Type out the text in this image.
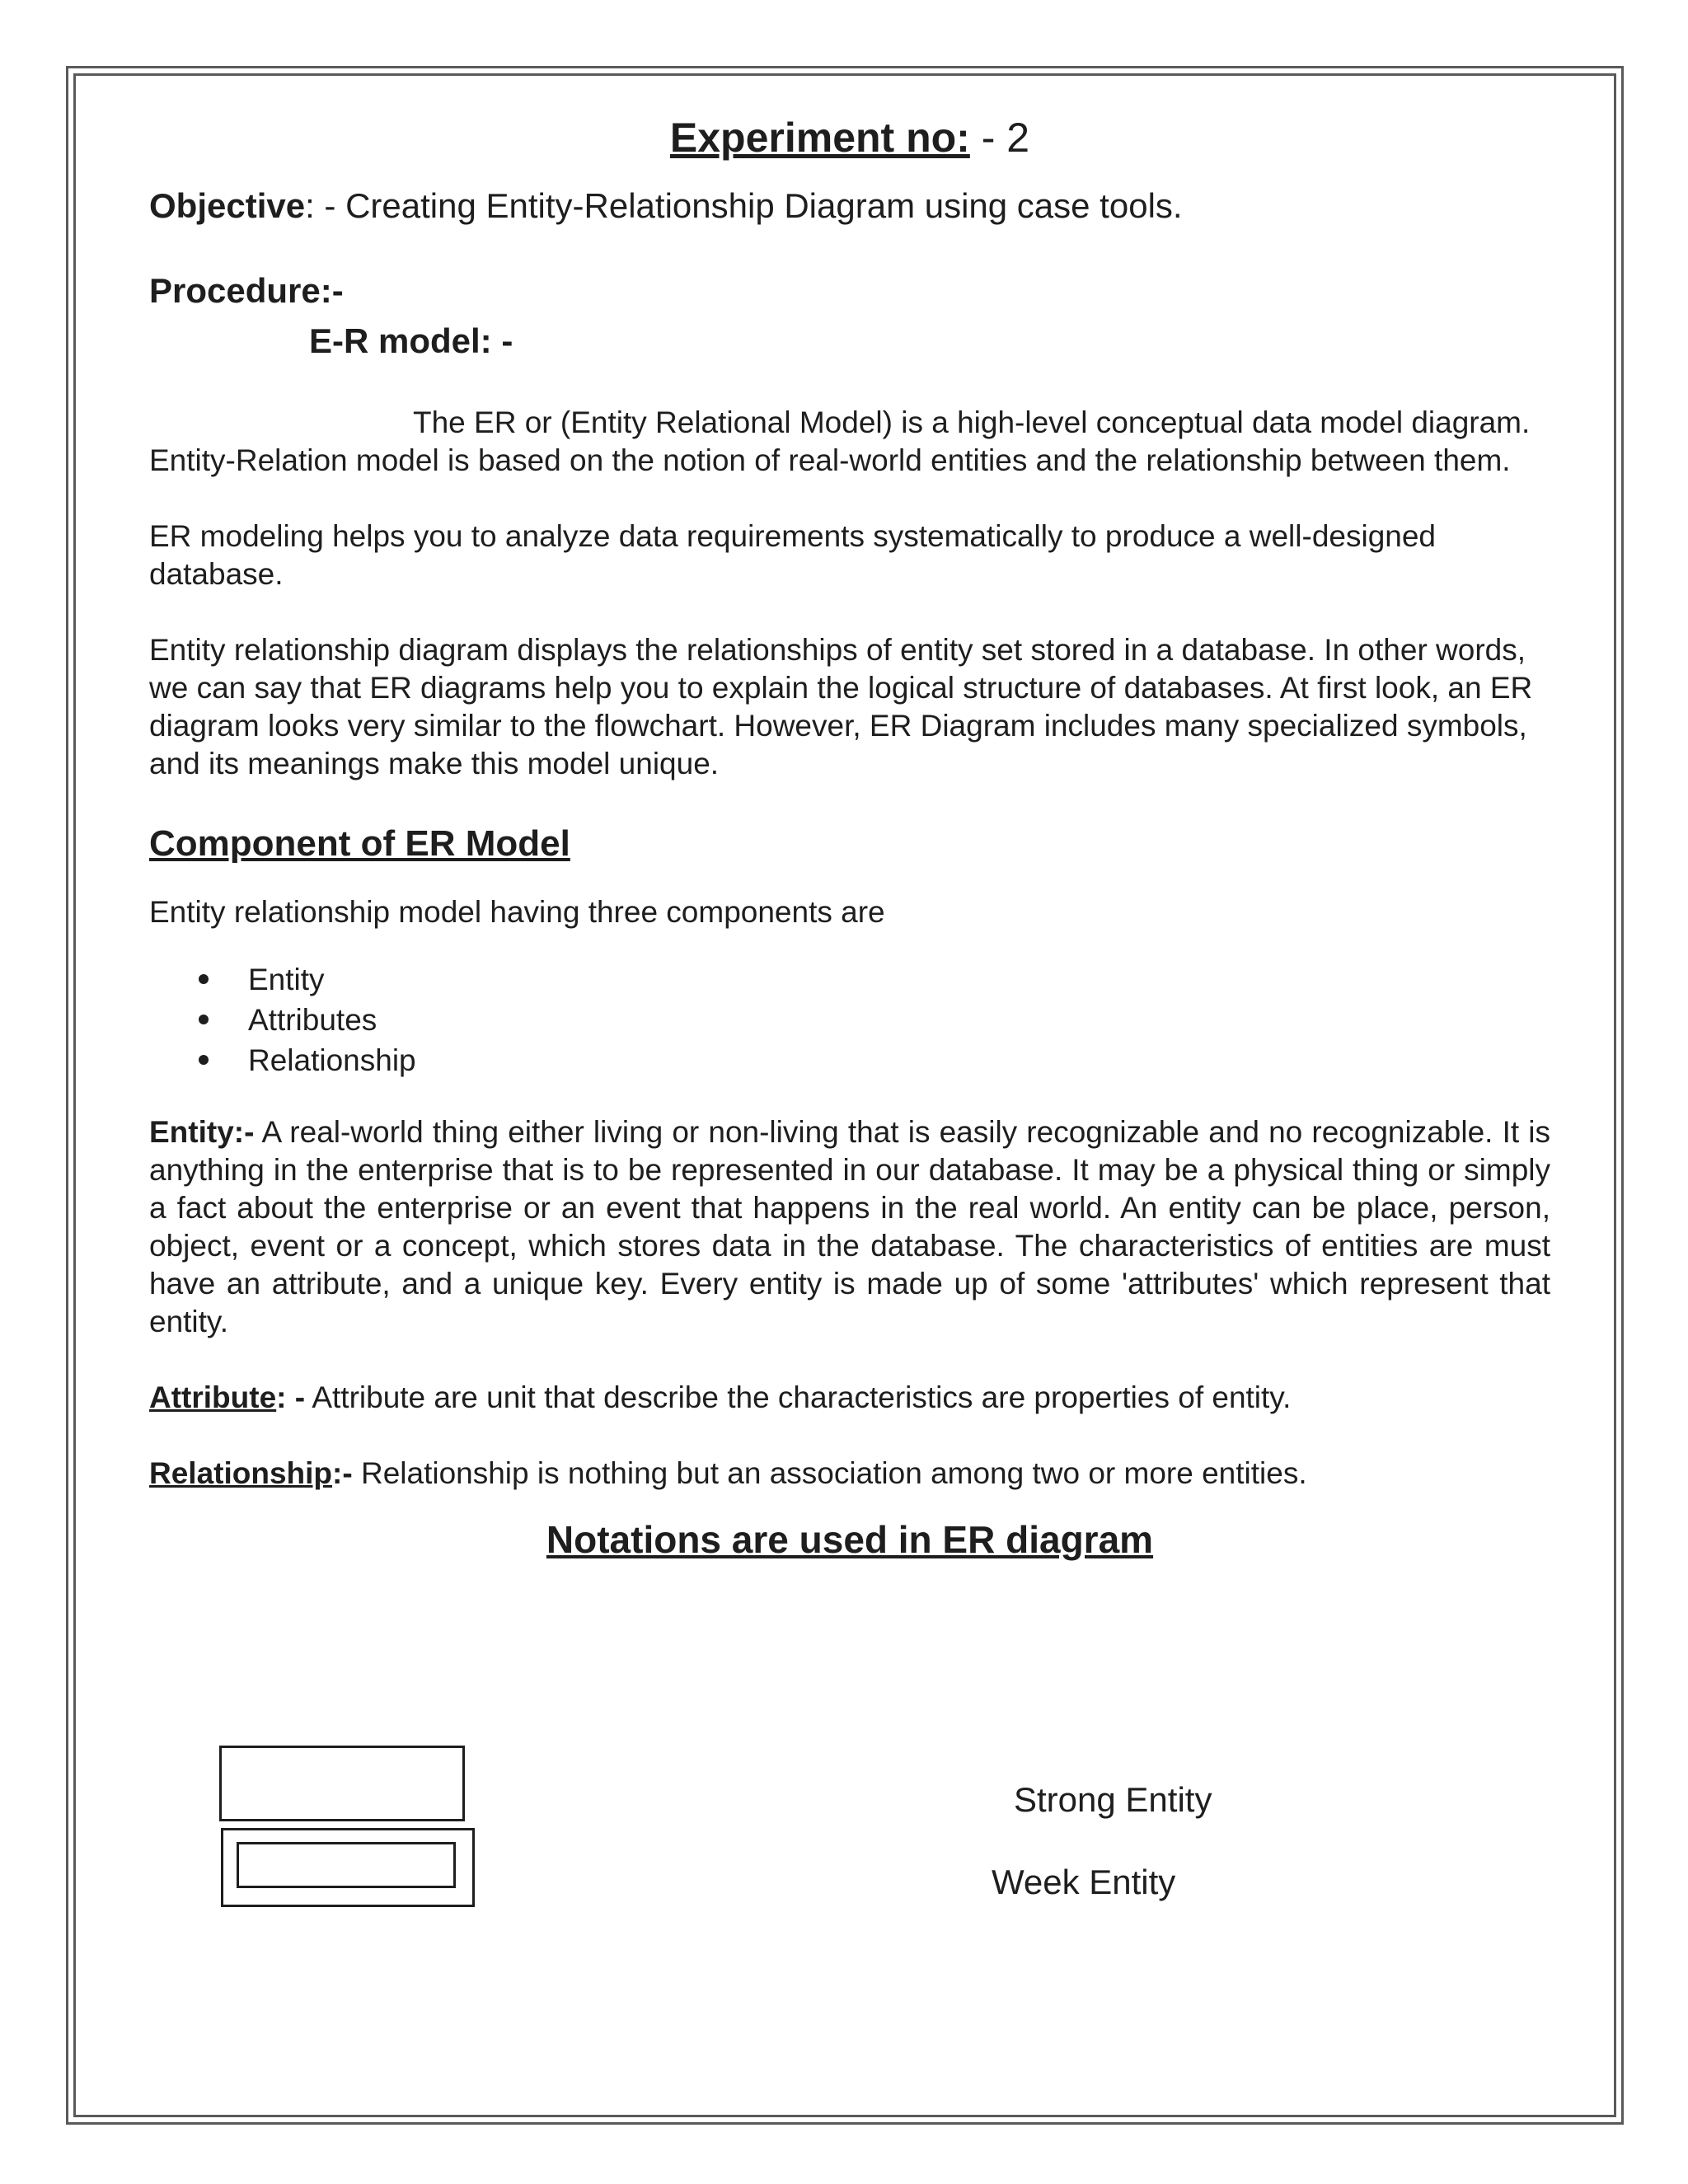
Experiment no: - 2
Objective: - Creating Entity-Relationship Diagram using case tools.
Procedure:-
E-R model: -

The ER or (Entity Relational Model) is a high-level conceptual data model diagram. Entity-Relation model is based on the notion of real-world entities and the relationship between them.

ER modeling helps you to analyze data requirements systematically to produce a well-designed database.

Entity relationship diagram displays the relationships of entity set stored in a database. In other words, we can say that ER diagrams help you to explain the logical structure of databases. At first look, an ER diagram looks very similar to the flowchart. However, ER Diagram includes many specialized symbols, and its meanings make this model unique.

Component of ER Model

Entity relationship model having three components are

Entity
Attributes
Relationship

Entity:- A real-world thing either living or non-living that is easily recognizable and no recognizable. It is anything in the enterprise that is to be represented in our database. It may be a physical thing or simply a fact about the enterprise or an event that happens in the real world. An entity can be place, person, object, event or a concept, which stores data in the database. The characteristics of entities are must have an attribute, and a unique key. Every entity is made up of some 'attributes' which represent that entity.

Attribute: - Attribute are unit that describe the characteristics are properties of entity.

Relationship:- Relationship is nothing but an association among two or more entities.

Notations are used in ER diagram
Strong Entity
Week Entity
